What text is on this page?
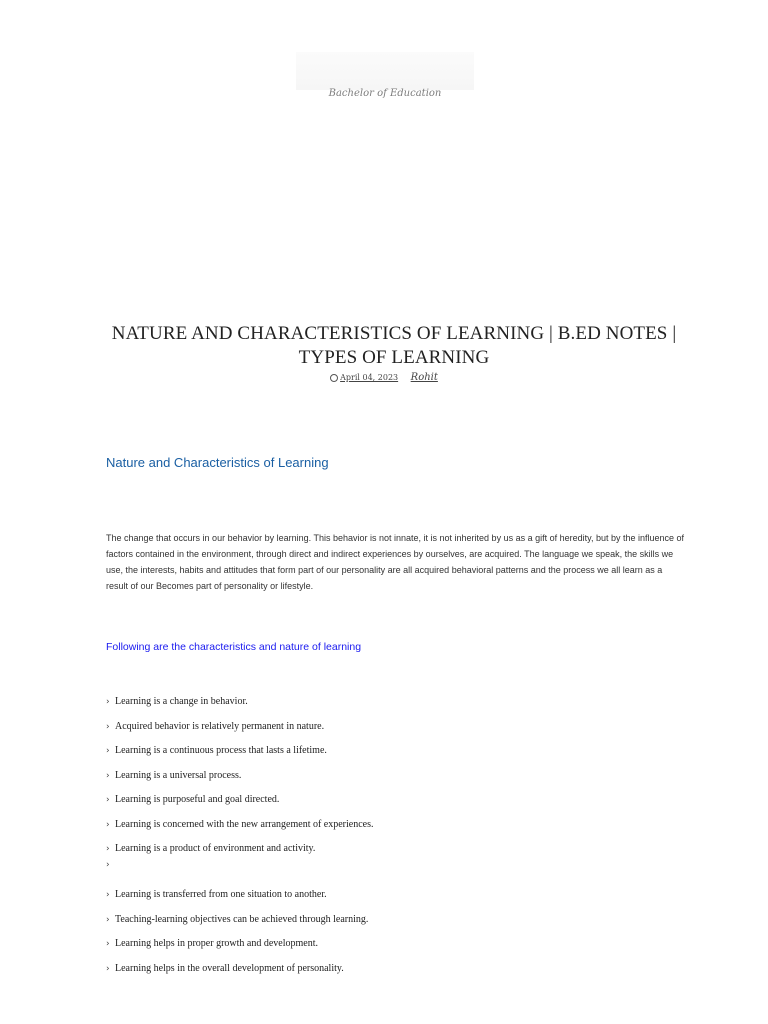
Bachelor of Education
NATURE AND CHARACTERISTICS OF LEARNING | B.ED NOTES | TYPES OF LEARNING
April 04, 2023 Rohit
Nature and Characteristics of Learning

The change that occurs in our behavior by learning. This behavior is not innate, it is not inherited by us as a gift of heredity, but by the influence of factors contained in the environment, through direct and indirect experiences by ourselves, are acquired. The language we speak, the skills we use, the interests, habits and attitudes that form part of our personality are all acquired behavioral patterns and the process we all learn as a result of our Becomes part of personality or lifestyle.

Following are the characteristics and nature of learning

› Learning is a change in behavior.
› Acquired behavior is relatively permanent in nature.
› Learning is a continuous process that lasts a lifetime.
› Learning is a universal process.
› Learning is purposeful and goal directed.
› Learning is concerned with the new arrangement of experiences.
› Learning is a product of environment and activity.
›
› Learning is transferred from one situation to another.
› Teaching-learning objectives can be achieved through learning.
› Learning helps in proper growth and development.
› Learning helps in the overall development of personality.
